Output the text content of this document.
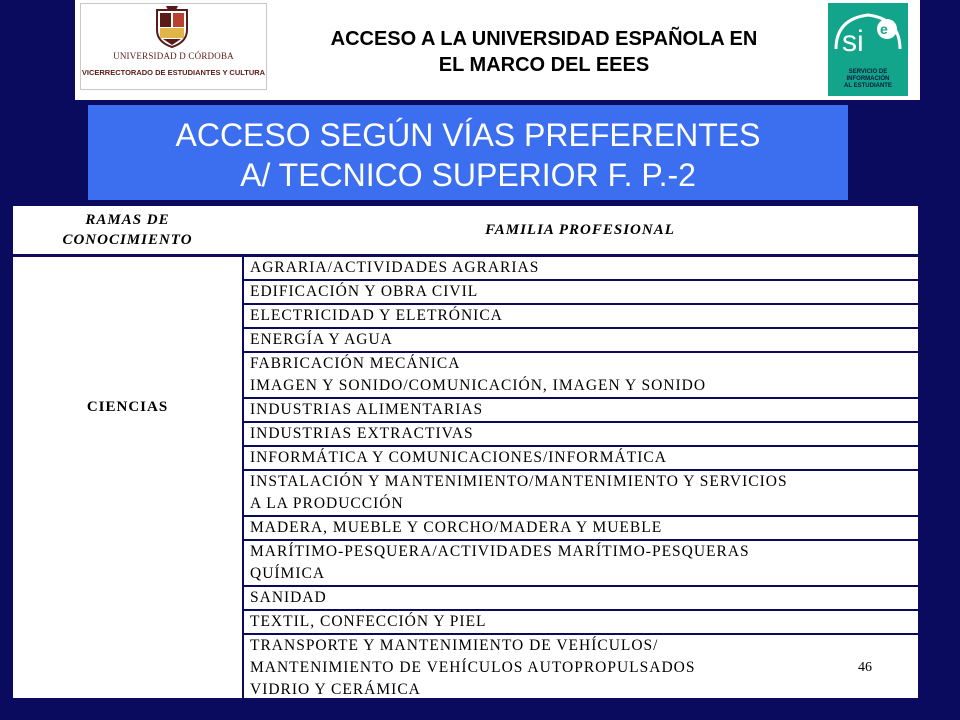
UNIVERSIDAD D CÓRDOBA
VICERRECTORADO DE ESTUDIANTES Y CULTURA
ACCESO A LA UNIVERSIDAD ESPAÑOLA EN
EL MARCO DEL EEES
e
si
SERVICIO DE
INFORMACIÓN
AL ESTUDIANTE
ACCESO SEGÚN VÍAS PREFERENTES
A/ TECNICO SUPERIOR F. P.-2
RAMAS DE
CONOCIMIENTO
FAMILIA PROFESIONAL
CIENCIAS
AGRARIA/ACTIVIDADES AGRARIAS
EDIFICACIÓN Y OBRA CIVIL
ELECTRICIDAD Y ELETRÓNICA
ENERGÍA Y AGUA
FABRICACIÓN MECÁNICA
IMAGEN Y SONIDO/COMUNICACIÓN, IMAGEN Y SONIDO
INDUSTRIAS ALIMENTARIAS
INDUSTRIAS EXTRACTIVAS
INFORMÁTICA Y COMUNICACIONES/INFORMÁTICA
INSTALACIÓN Y MANTENIMIENTO/MANTENIMIENTO Y SERVICIOS
A LA PRODUCCIÓN
MADERA, MUEBLE Y CORCHO/MADERA Y MUEBLE
MARÍTIMO-PESQUERA/ACTIVIDADES MARÍTIMO-PESQUERAS
QUÍMICA
SANIDAD
TEXTIL, CONFECCIÓN Y PIEL
TRANSPORTE Y MANTENIMIENTO DE VEHÍCULOS/
MANTENIMIENTO DE VEHÍCULOS AUTOPROPULSADOS
VIDRIO Y CERÁMICA
46
